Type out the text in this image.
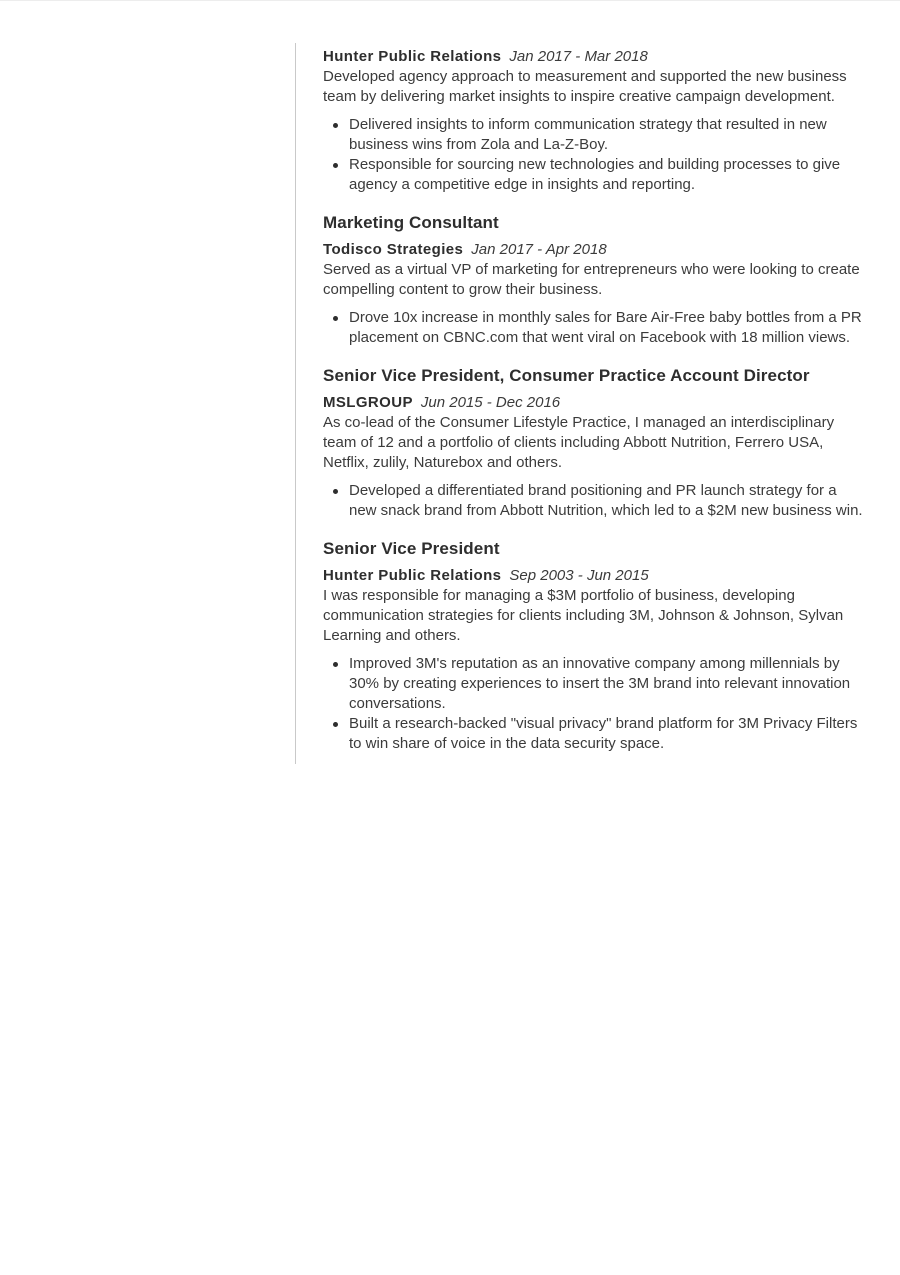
Hunter Public Relations Jan 2017 - Mar 2018

Developed agency approach to measurement and supported the new business team by delivering market insights to inspire creative campaign development.

Delivered insights to inform communication strategy that resulted in new business wins from Zola and La-Z-Boy.
Responsible for sourcing new technologies and building processes to give agency a competitive edge in insights and reporting.
Marketing Consultant
Todisco Strategies Jan 2017 - Apr 2018

Served as a virtual VP of marketing for entrepreneurs who were looking to create compelling content to grow their business.

Drove 10x increase in monthly sales for Bare Air-Free baby bottles from a PR placement on CBNC.com that went viral on Facebook with 18 million views.
Senior Vice President, Consumer Practice Account Director
MSLGROUP Jun 2015 - Dec 2016

As co-lead of the Consumer Lifestyle Practice, I managed an interdisciplinary team of 12 and a portfolio of clients including Abbott Nutrition, Ferrero USA, Netflix, zulily, Naturebox and others.

Developed a differentiated brand positioning and PR launch strategy for a new snack brand from Abbott Nutrition, which led to a $2M new business win.
Senior Vice President
Hunter Public Relations Sep 2003 - Jun 2015

I was responsible for managing a $3M portfolio of business, developing communication strategies for clients including 3M, Johnson & Johnson, Sylvan Learning and others.

Improved 3M's reputation as an innovative company among millennials by 30% by creating experiences to insert the 3M brand into relevant innovation conversations.
Built a research-backed "visual privacy" brand platform for 3M Privacy Filters to win share of voice in the data security space.
